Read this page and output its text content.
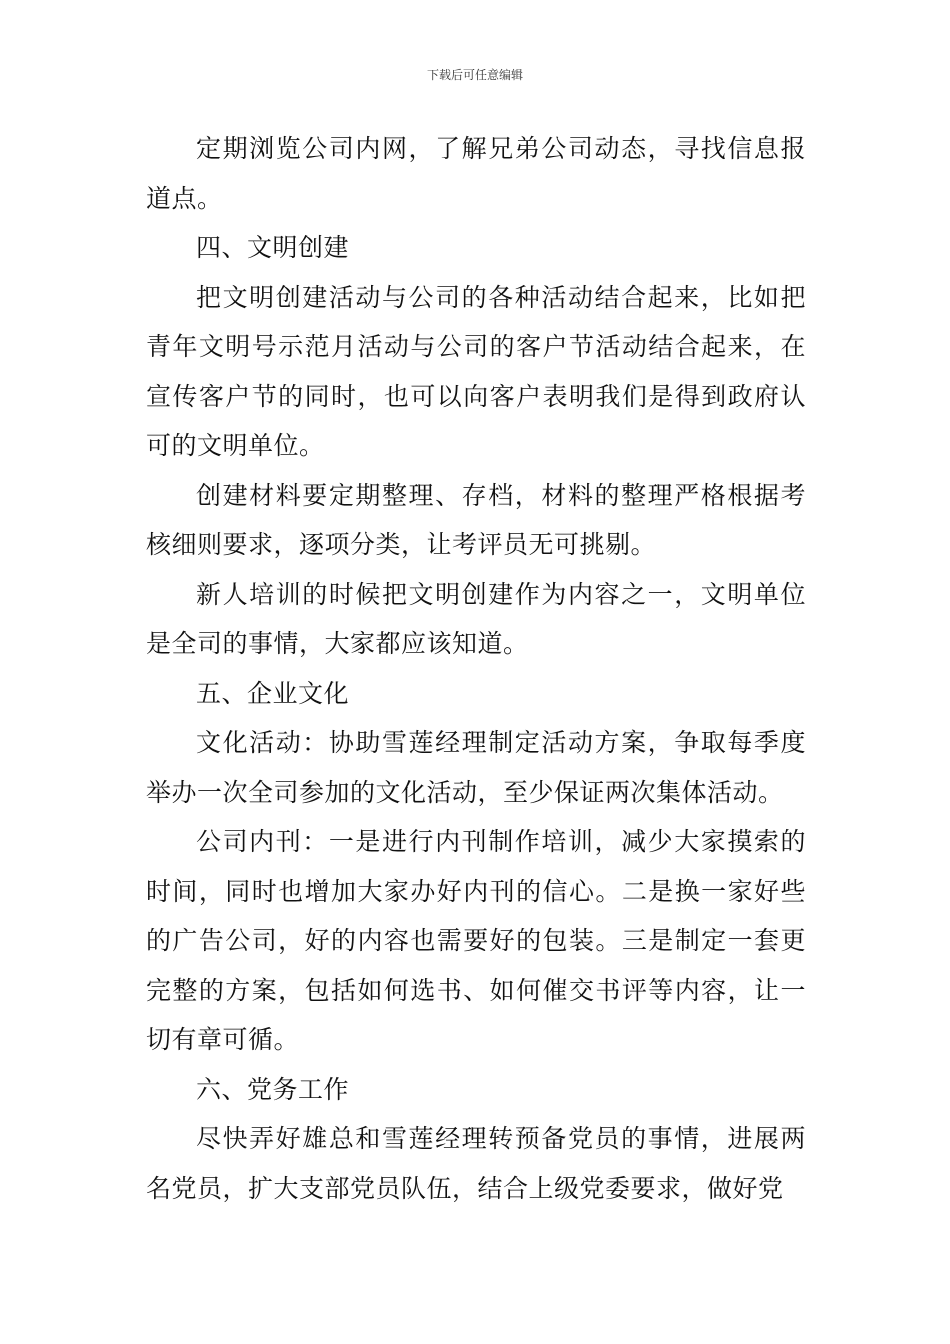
下载后可任意编辑

定期浏览公司内网，了解兄弟公司动态，寻找信息报道点。

四、文明创建

把文明创建活动与公司的各种活动结合起来，比如把青年文明号示范月活动与公司的客户节活动结合起来，在宣传客户节的同时，也可以向客户表明我们是得到政府认可的文明单位。

创建材料要定期整理、存档，材料的整理严格根据考核细则要求，逐项分类，让考评员无可挑剔。

新人培训的时候把文明创建作为内容之一，文明单位是全司的事情，大家都应该知道。

五、企业文化

文化活动：协助雪莲经理制定活动方案，争取每季度举办一次全司参加的文化活动，至少保证两次集体活动。

公司内刊：一是进行内刊制作培训，减少大家摸索的时间，同时也增加大家办好内刊的信心。二是换一家好些的广告公司，好的内容也需要好的包装。三是制定一套更完整的方案，包括如何选书、如何催交书评等内容，让一切有章可循。

六、党务工作

尽快弄好雄总和雪莲经理转预备党员的事情，进展两名党员，扩大支部党员队伍，结合上级党委要求，做好党
